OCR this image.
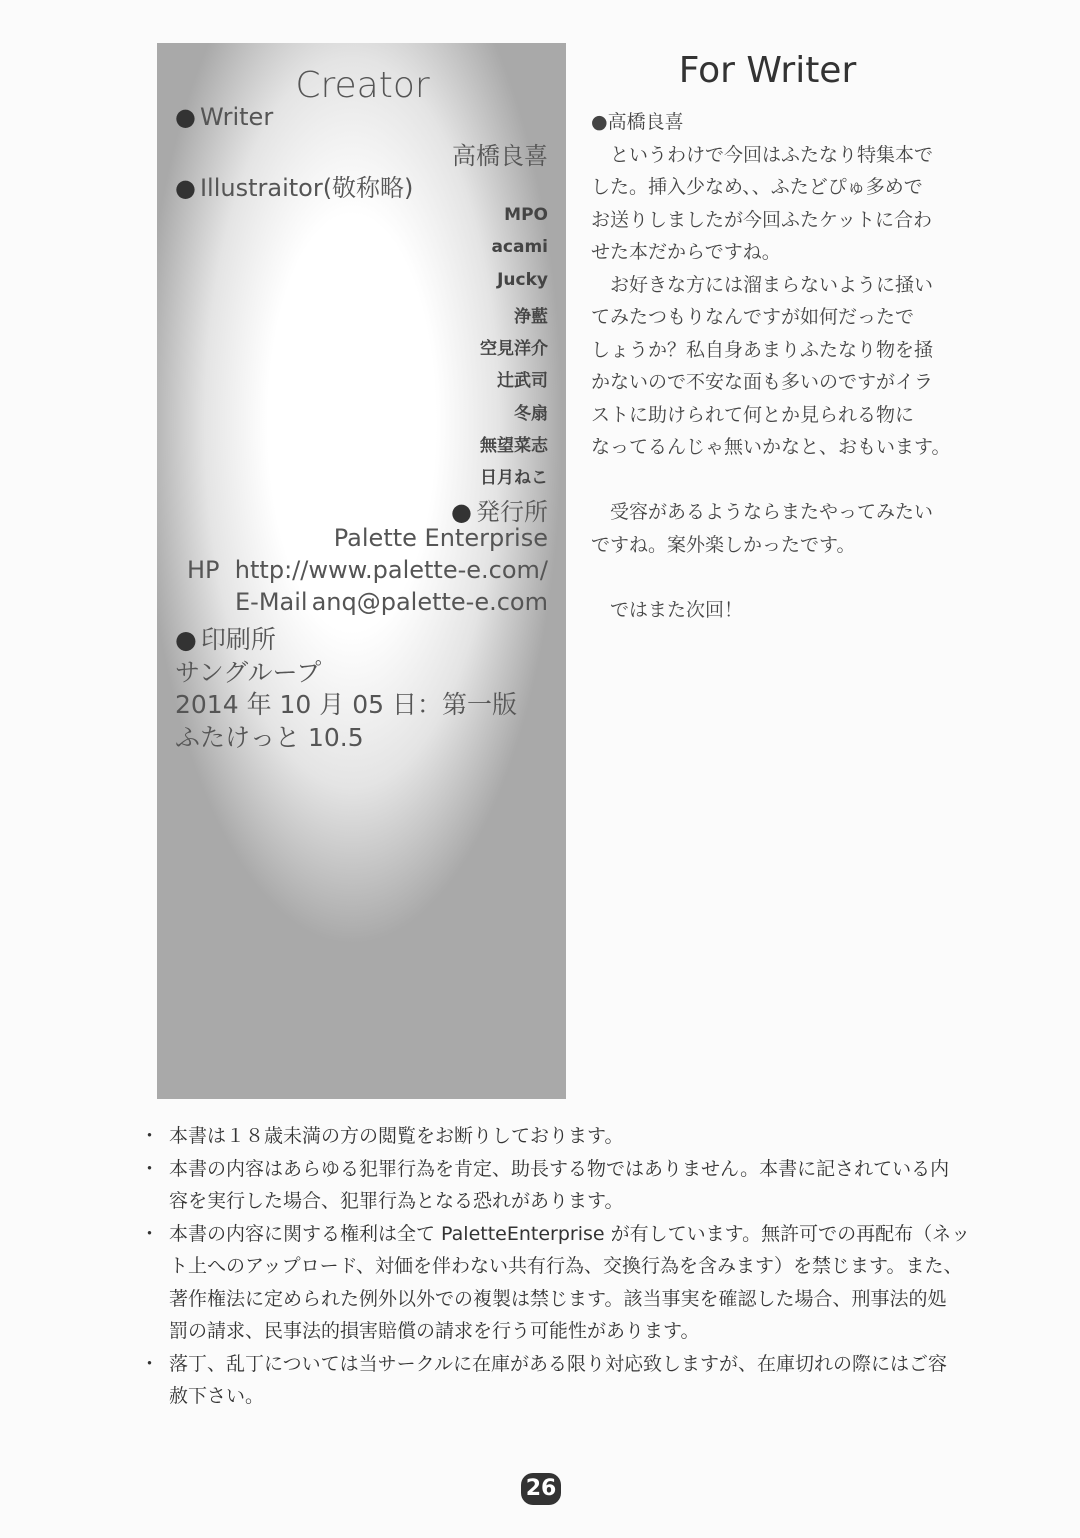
Creator
● Writer
高橋良喜
● Illustraitor(敬称略)
MPO
acami
Jucky
浄藍
空見洋介
辻武司
冬扇
無望菜志
日月ねこ
● 発行所
Palette Enterprise
HP http://www.palette-e.com/
E-Mail anq@palette-e.com
● 印刷所
サングループ
2014 年 10 月 05 日：第一版
ふたけっと 10.5
For Writer

●高橋良喜

　というわけで今回はふたなり特集本で

した。挿入少なめ、、ふたどぴゅ多めで

お送りしましたが今回ふたケットに合わ

せた本だからですね。

　お好きな方には溜まらないように掻い

てみたつもりなんですが如何だったで

しょうか？私自身あまりふたなり物を掻

かないので不安な面も多いのですがイラ

ストに助けられて何とか見られる物に

なってるんじゃ無いかなと、おもいます。

　受容があるようならまたやってみたい

ですね。案外楽しかったです。

　ではまた次回！

・ 本書は１８歳未満の方の閲覧をお断りしております。
・ 本書の内容はあらゆる犯罪行為を肯定、助長する物ではありません。本書に記されている内
容を実行した場合、犯罪行為となる恐れがあります。
・ 本書の内容に関する権利は全て PaletteEnterprise が有しています。無許可での再配布（ネッ
ト上へのアップロード、対価を伴わない共有行為、交換行為を含みます）を禁じます。また、
著作権法に定められた例外以外での複製は禁じます。該当事実を確認した場合、刑事法的処
罰の請求、民事法的損害賠償の請求を行う可能性があります。
・ 落丁、乱丁については当サークルに在庫がある限り対応致しますが、在庫切れの際にはご容
赦下さい。
26
